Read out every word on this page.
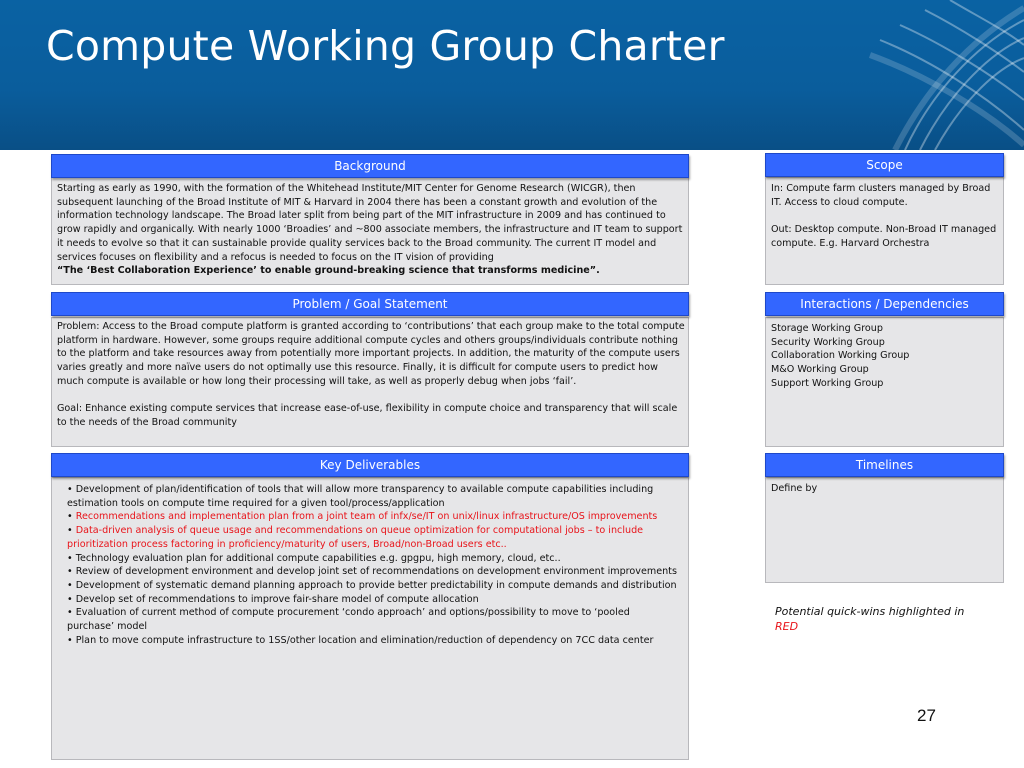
Compute Working Group Charter
Background

Starting as early as 1990, with the formation of the Whitehead Institute/MIT Center for Genome Research (WICGR), then subsequent launching of the Broad Institute of MIT & Harvard in 2004 there has been a constant growth and evolution of the information technology landscape. The Broad later split from being part of the MIT infrastructure in 2009 and has continued to grow rapidly and organically. With nearly 1000 ‘Broadies’ and ~800 associate members, the infrastructure and IT team to support it needs to evolve so that it can sustainable provide quality services back to the Broad community. The current IT model and services focuses on flexibility and a refocus is needed to focus on the IT vision of providing

“The ‘Best Collaboration Experience’ to enable ground-breaking science that transforms medicine”.

Scope

In: Compute farm clusters managed by Broad IT. Access to cloud compute.

Out: Desktop compute. Non-Broad IT managed compute. E.g. Harvard Orchestra

Problem / Goal Statement

Problem: Access to the Broad compute platform is granted according to ‘contributions’ that each group make to the total compute platform in hardware. However, some groups require additional compute cycles and others groups/individuals contribute nothing to the platform and take resources away from potentially more important projects. In addition, the maturity of the compute users varies greatly and more naïve users do not optimally use this resource. Finally, it is difficult for compute users to predict how much compute is available or how long their processing will take, as well as properly debug when jobs ‘fail’.

Goal: Enhance existing compute services that increase ease-of-use, flexibility in compute choice and transparency that will scale to the needs of the Broad community

Interactions / Dependencies

Storage Working Group

Security Working Group

Collaboration Working Group

M&O Working Group

Support Working Group

Key Deliverables

• Development of plan/identification of tools that will allow more transparency to available compute capabilities including estimation tools on compute time required for a given tool/process/application

• Recommendations and implementation plan from a joint team of infx/se/IT on unix/linux infrastructure/OS improvements

• Data-driven analysis of queue usage and recommendations on queue optimization for computational jobs – to include prioritization process factoring in proficiency/maturity of users, Broad/non-Broad users etc..

• Technology evaluation plan for additional compute capabilities e.g. gpgpu, high memory, cloud, etc..

• Review of development environment and develop joint set of recommendations on development environment improvements

• Development of systematic demand planning approach to provide better predictability in compute demands and distribution

• Develop set of recommendations to improve fair-share model of compute allocation

• Evaluation of current method of compute procurement ‘condo approach’ and options/possibility to move to ‘pooled purchase’ model

• Plan to move compute infrastructure to 1SS/other location and elimination/reduction of dependency on 7CC data center

Timelines

Define by

Potential quick-wins highlighted in
RED
27
